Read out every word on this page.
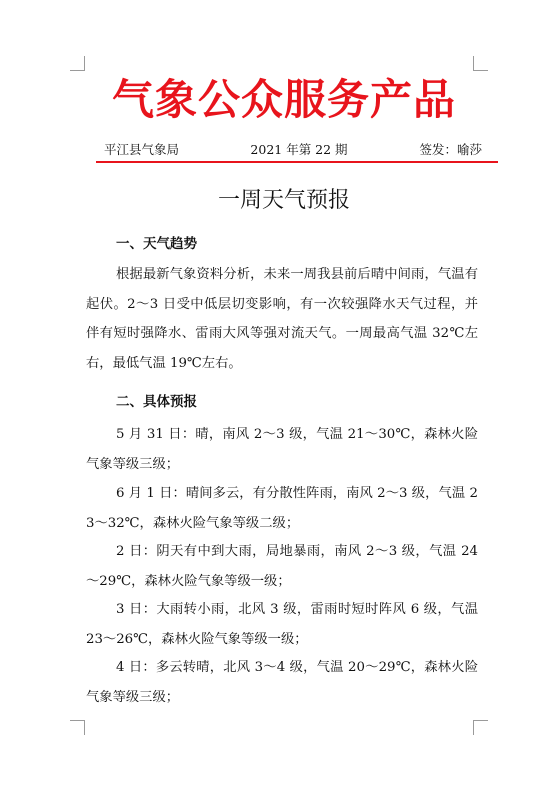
气象公众服务产品
平江县气象局	2021 年第 22 期	签发：喻莎
一周天气预报
一、天气趋势
根据最新气象资料分析，未来一周我县前后晴中间雨，气温有起伏。2～3 日受中低层切变影响，有一次较强降水天气过程，并伴有短时强降水、雷雨大风等强对流天气。一周最高气温 32℃左右，最低气温 19℃左右。
二、具体预报
5 月 31 日：晴，南风 2～3 级，气温 21～30℃，森林火险气象等级三级；
6 月 1 日：晴间多云，有分散性阵雨，南风 2～3 级，气温 23～32℃，森林火险气象等级二级；
2 日：阴天有中到大雨，局地暴雨，南风 2～3 级，气温 24～29℃，森林火险气象等级一级；
3 日：大雨转小雨，北风 3 级，雷雨时短时阵风 6 级，气温 23～26℃，森林火险气象等级一级；
4 日：多云转晴，北风 3～4 级，气温 20～29℃，森林火险气象等级三级；
